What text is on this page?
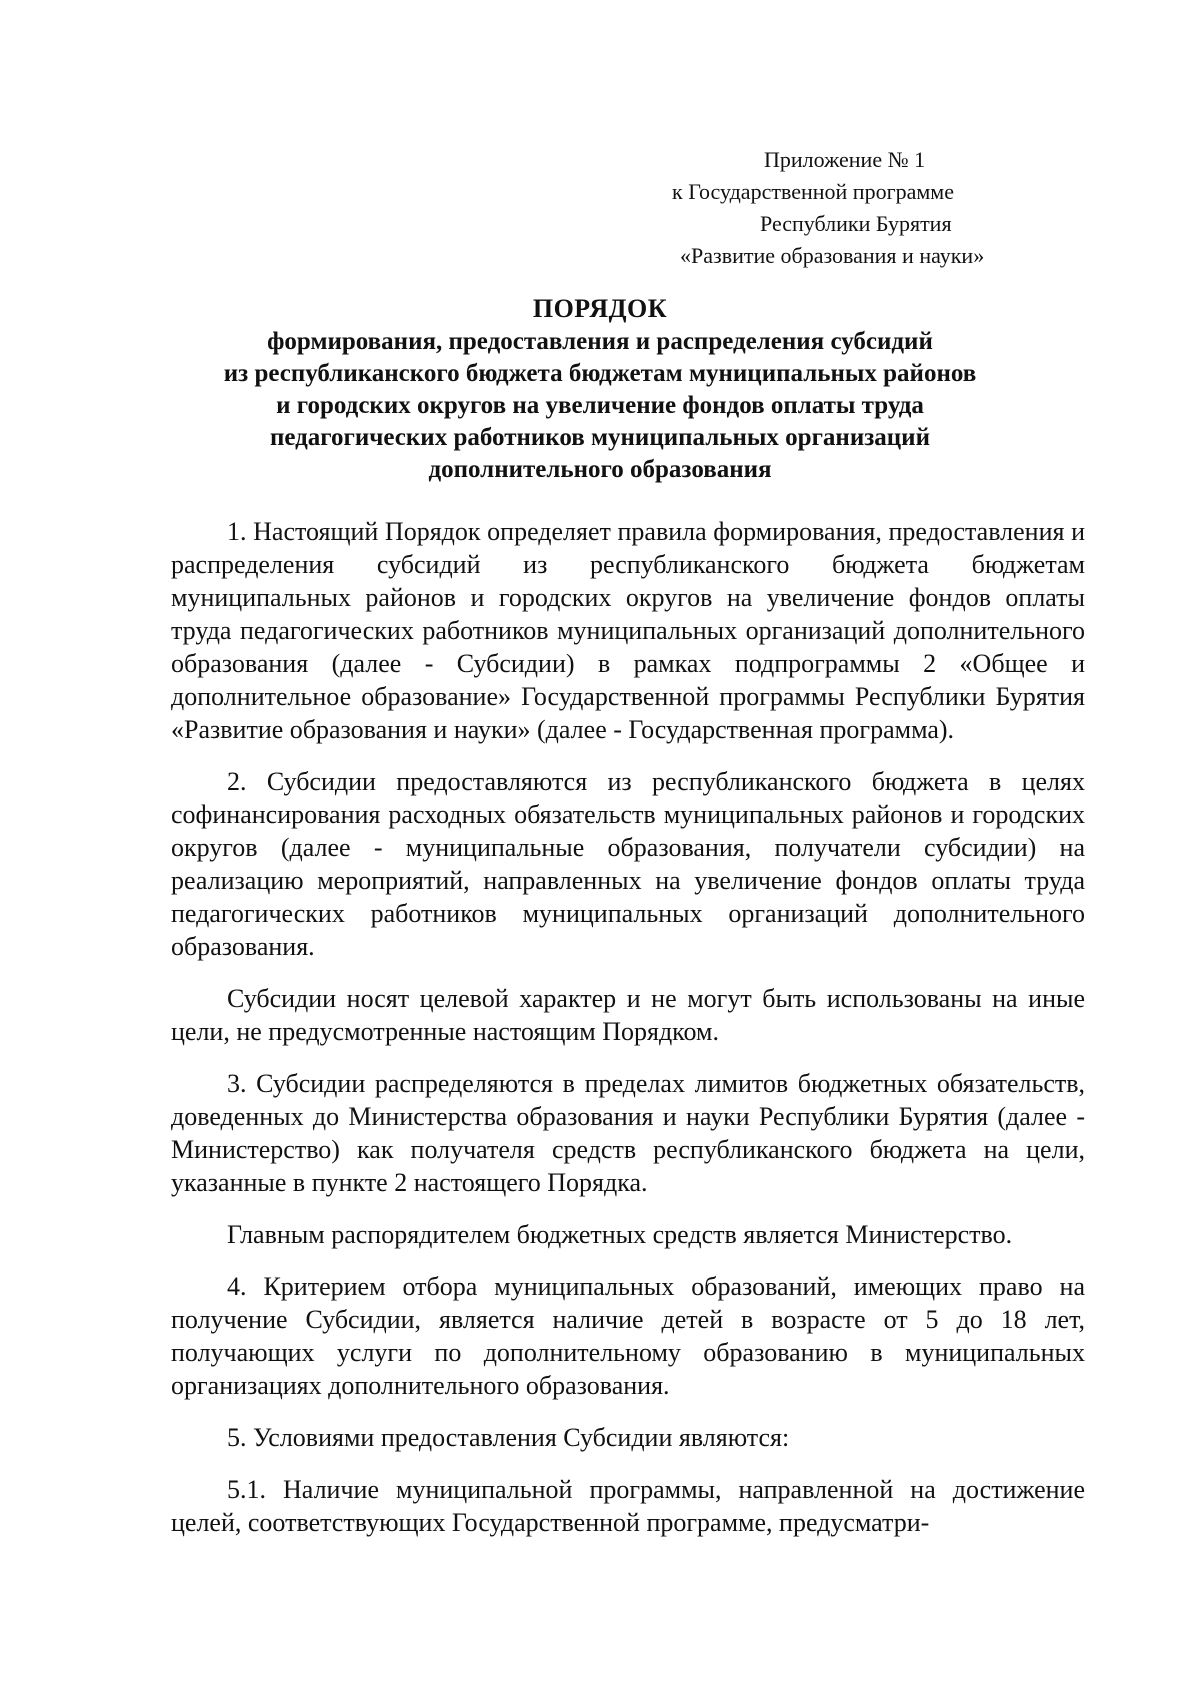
Приложение № 1
к Государственной программе
Республики Бурятия
«Развитие образования и науки»
ПОРЯДОК
формирования, предоставления и распределения субсидий
из республиканского бюджета бюджетам муниципальных районов
и городских округов на увеличение фондов оплаты труда
педагогических работников муниципальных организаций
дополнительного образования

1. Настоящий Порядок определяет правила формирования, предоставления и распределения субсидий из республиканского бюджета бюджетам муниципальных районов и городских округов на увеличение фондов оплаты труда педагогических работников муниципальных организаций дополнительного образования (далее - Субсидии) в рамках подпрограммы 2 «Общее и дополнительное образование» Государственной программы Республики Бурятия «Развитие образования и науки» (далее - Государственная программа).

2. Субсидии предоставляются из республиканского бюджета в целях софинансирования расходных обязательств муниципальных районов и городских округов (далее - муниципальные образования, получатели субсидии) на реализацию мероприятий, направленных на увеличение фондов оплаты труда педагогических работников муниципальных организаций дополнительного образования.

Субсидии носят целевой характер и не могут быть использованы на иные цели, не предусмотренные настоящим Порядком.

3. Субсидии распределяются в пределах лимитов бюджетных обязательств, доведенных до Министерства образования и науки Республики Бурятия (далее - Министерство) как получателя средств республиканского бюджета на цели, указанные в пункте 2 настоящего Порядка.

Главным распорядителем бюджетных средств является Министерство.

4. Критерием отбора муниципальных образований, имеющих право на получение Субсидии, является наличие детей в возрасте от 5 до 18 лет, получающих услуги по дополнительному образованию в муниципальных организациях дополнительного образования.

5. Условиями предоставления Субсидии являются:

5.1. Наличие муниципальной программы, направленной на достижение целей, соответствующих Государственной программе, предусматри-
